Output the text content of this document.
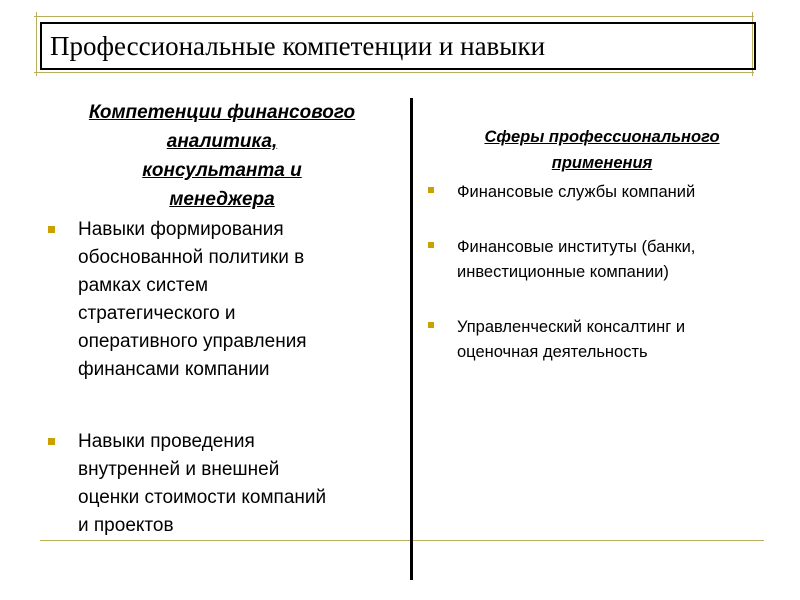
Профессиональные компетенции и навыки
Компетенции финансового
аналитика,
консультанта и
менеджера
Навыки формирования
обоснованной политики в
рамках систем
стратегического и
оперативного управления
финансами компании
Навыки проведения
внутренней и внешней
оценки стоимости компаний
и проектов
Сферы профессионального
применения
Финансовые службы компаний
Финансовые институты (банки,
инвестиционные компании)
Управленческий консалтинг и
оценочная деятельность
